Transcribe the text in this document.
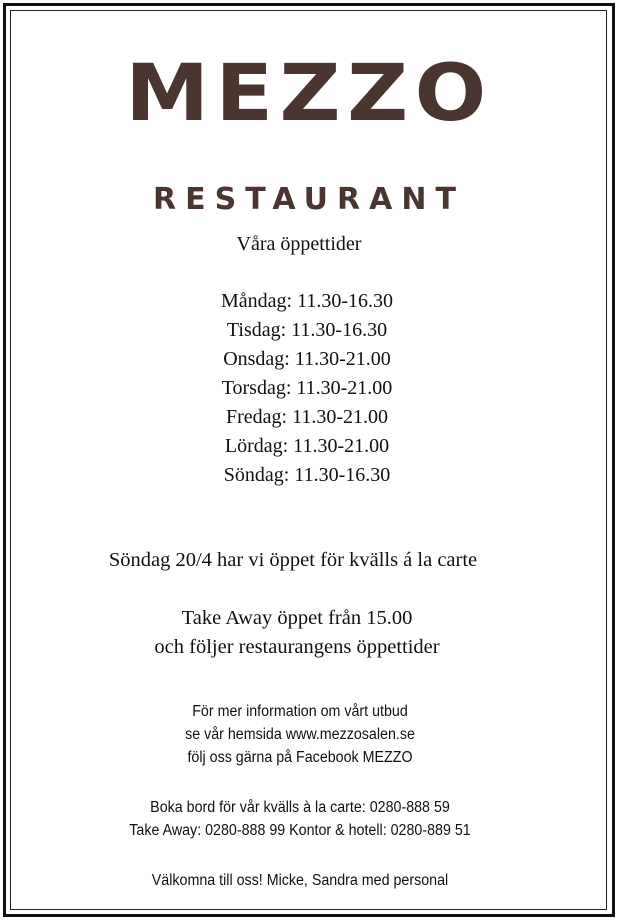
MEZZO
RESTAURANT
Våra öppettider
Måndag: 11.30-16.30
Tisdag: 11.30-16.30
Onsdag: 11.30-21.00
Torsdag: 11.30-21.00
Fredag: 11.30-21.00
Lördag: 11.30-21.00
Söndag: 11.30-16.30
Söndag 20/4 har vi öppet för kvälls á la carte
Take Away öppet från 15.00
och följer restaurangens öppettider
För mer information om vårt utbud
se vår hemsida www.mezzosalen.se
följ oss gärna på Facebook MEZZO
Boka bord för vår kvälls à la carte: 0280-888 59
Take Away: 0280-888 99 Kontor & hotell: 0280-889 51
Välkomna till oss! Micke, Sandra med personal
